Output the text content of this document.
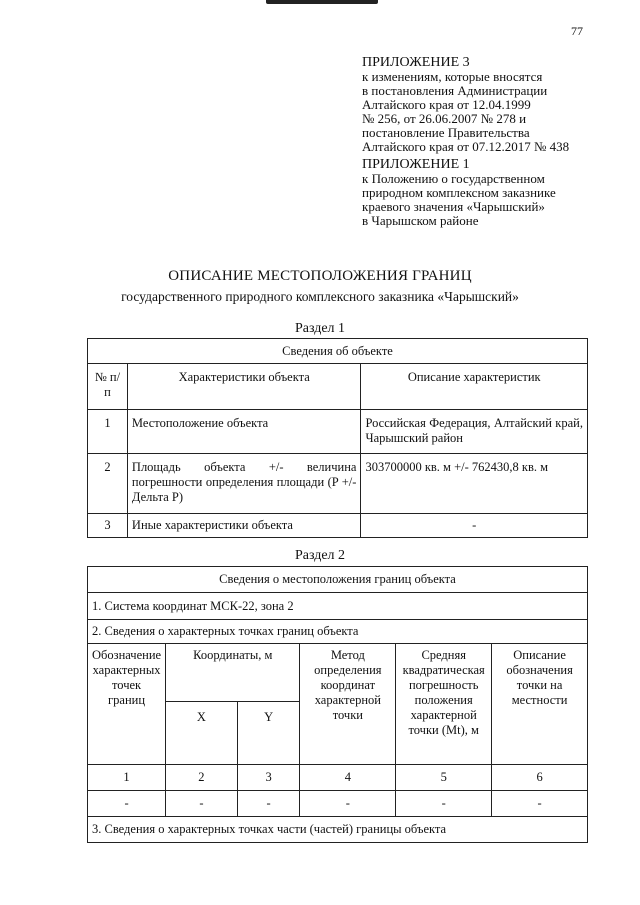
77
ПРИЛОЖЕНИЕ 3
к изменениям, которые вносятся
в постановления Администрации
Алтайского края от 12.04.1999
№ 256, от 26.06.2007 № 278 и
постановление Правительства
Алтайского края от 07.12.2017 № 438
ПРИЛОЖЕНИЕ 1
к Положению о государственном
природном комплексном заказнике
краевого значения «Чарышский»
в Чарышском районе
ОПИСАНИЕ МЕСТОПОЛОЖЕНИЯ ГРАНИЦ
государственного природного комплексного заказника «Чарышский»
Раздел 1
Сведения об объекте		
№ п/п	Характеристики объекта	Описание характеристик
1	Местоположение объекта	Российская Федерация, Алтайский край, Чарышский район
2	Площадь объекта +/- величина погрешности определения площади (P +/- Дельта P)	303700000 кв. м +/- 762430,8 кв. м
3	Иные характеристики объекта	-
Раздел 2
Сведения о местоположения границ объекта					
1. Система координат МСК-22, зона 2					
2. Сведения о характерных точках границ объекта					
Обозначение характерных точек границ	Координаты, м		Метод определения координат характерной точки	Средняя квадратическая погрешность положения характерной точки (Mt), м	Описание обозначения точки на местности
	X	Y			
1	2	3	4	5	6
-	-	-	-	-	-
3. Сведения о характерных точках части (частей) границы объекта					
